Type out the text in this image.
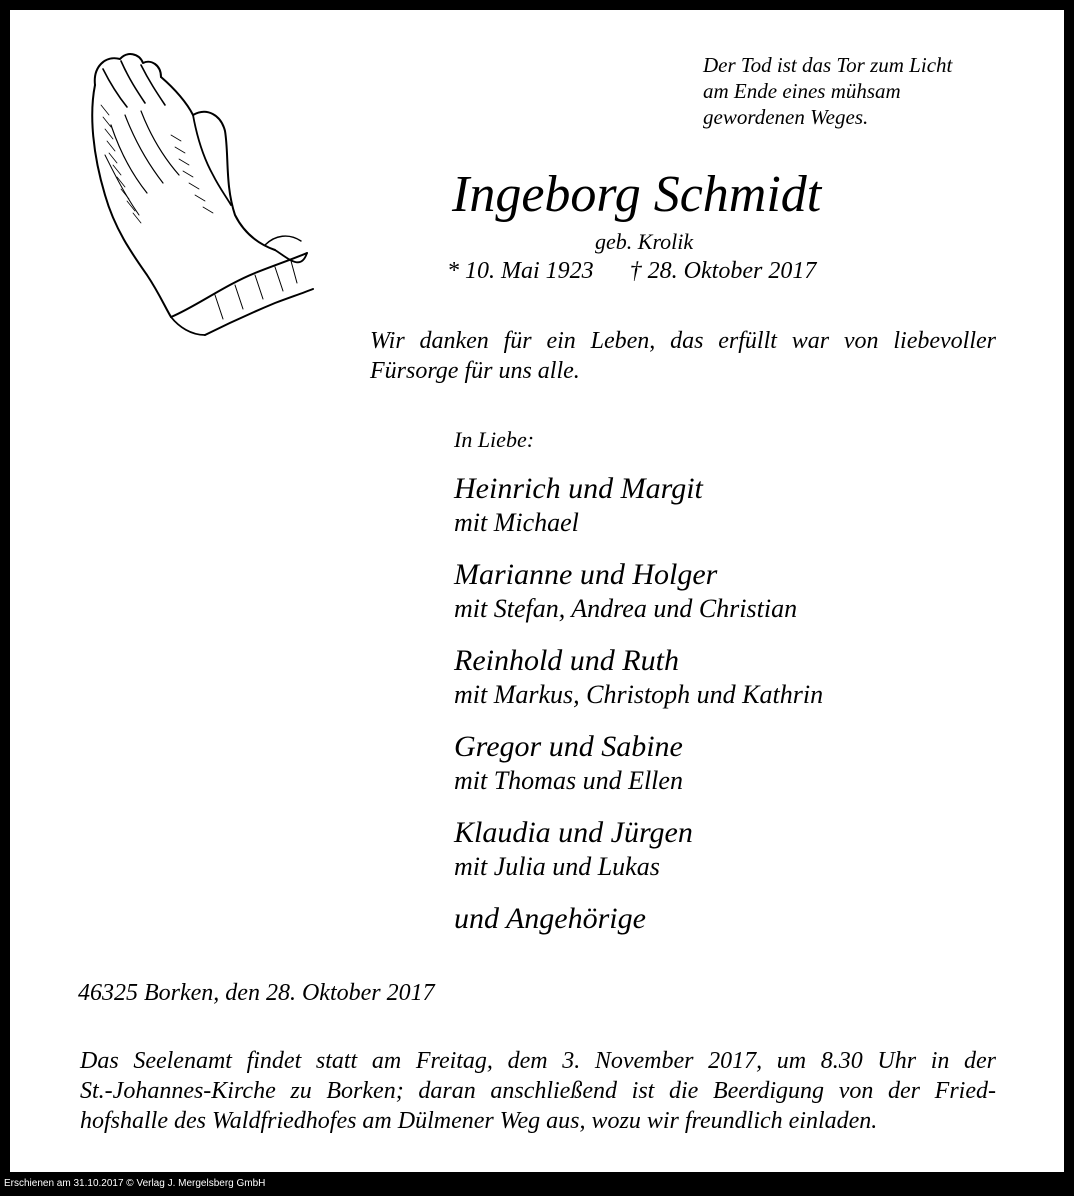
Der Tod ist das Tor zum Licht
am Ende eines mühsam
gewordenen Weges.
Ingeborg Schmidt
geb. Krolik
* 10. Mai 1923 † 28. Oktober 2017
Wir danken für ein Leben, das erfüllt war von liebevoller
Fürsorge für uns alle.
In Liebe:
Heinrich und Margit
mit Michael
Marianne und Holger
mit Stefan, Andrea und Christian
Reinhold und Ruth
mit Markus, Christoph und Kathrin
Gregor und Sabine
mit Thomas und Ellen
Klaudia und Jürgen
mit Julia und Lukas
und Angehörige
46325 Borken, den 28. Oktober 2017
Das Seelenamt findet statt am Freitag, dem 3. November 2017, um 8.30 Uhr in der
St.-Johannes-Kirche zu Borken; daran anschließend ist die Beerdigung von der Fried-
hofshalle des Waldfriedhofes am Dülmener Weg aus, wozu wir freundlich einladen.
Erschienen am 31.10.2017 © Verlag J. Mergelsberg GmbH
